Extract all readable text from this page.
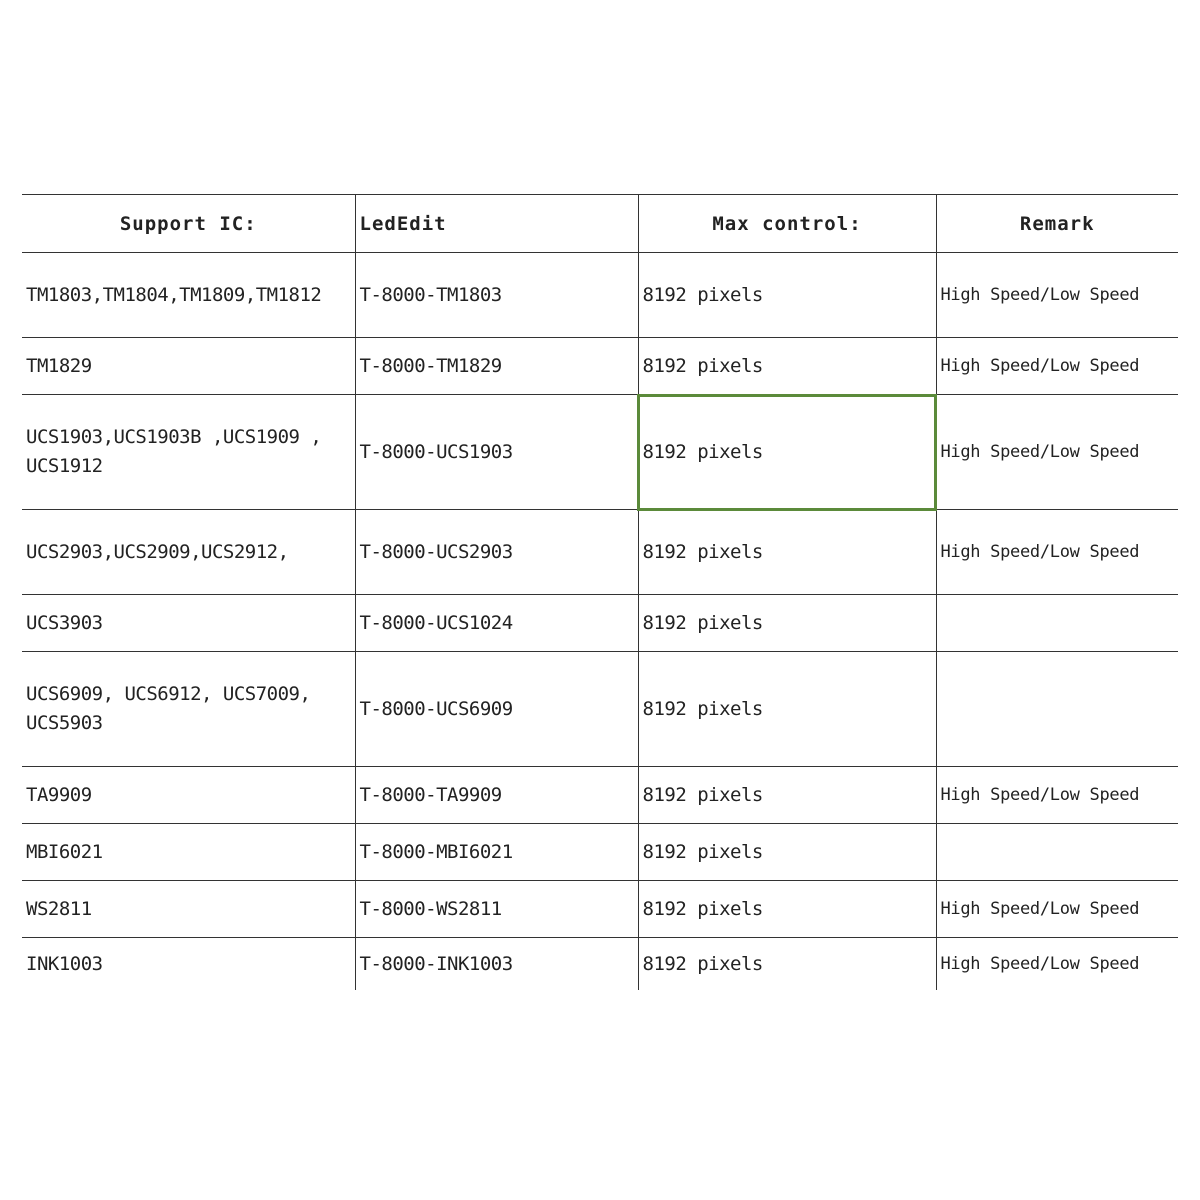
Support IC:	LedEdit	Max control:	Remark
TM1803,TM1804,TM1809,TM1812	T-8000-TM1803	8192 pixels	High Speed/Low Speed
TM1829	T-8000-TM1829	8192 pixels	High Speed/Low Speed
UCS1903,UCS1903B ,UCS1909 , UCS1912	T-8000-UCS1903	8192 pixels	High Speed/Low Speed
UCS2903,UCS2909,UCS2912,	T-8000-UCS2903	8192 pixels	High Speed/Low Speed
UCS3903	T-8000-UCS1024	8192 pixels	
UCS6909, UCS6912, UCS7009, UCS5903	T-8000-UCS6909	8192 pixels	
TA9909	T-8000-TA9909	8192 pixels	High Speed/Low Speed
MBI6021	T-8000-MBI6021	8192 pixels	
WS2811	T-8000-WS2811	8192 pixels	High Speed/Low Speed
INK1003	T-8000-INK1003	8192 pixels	High Speed/Low Speed
